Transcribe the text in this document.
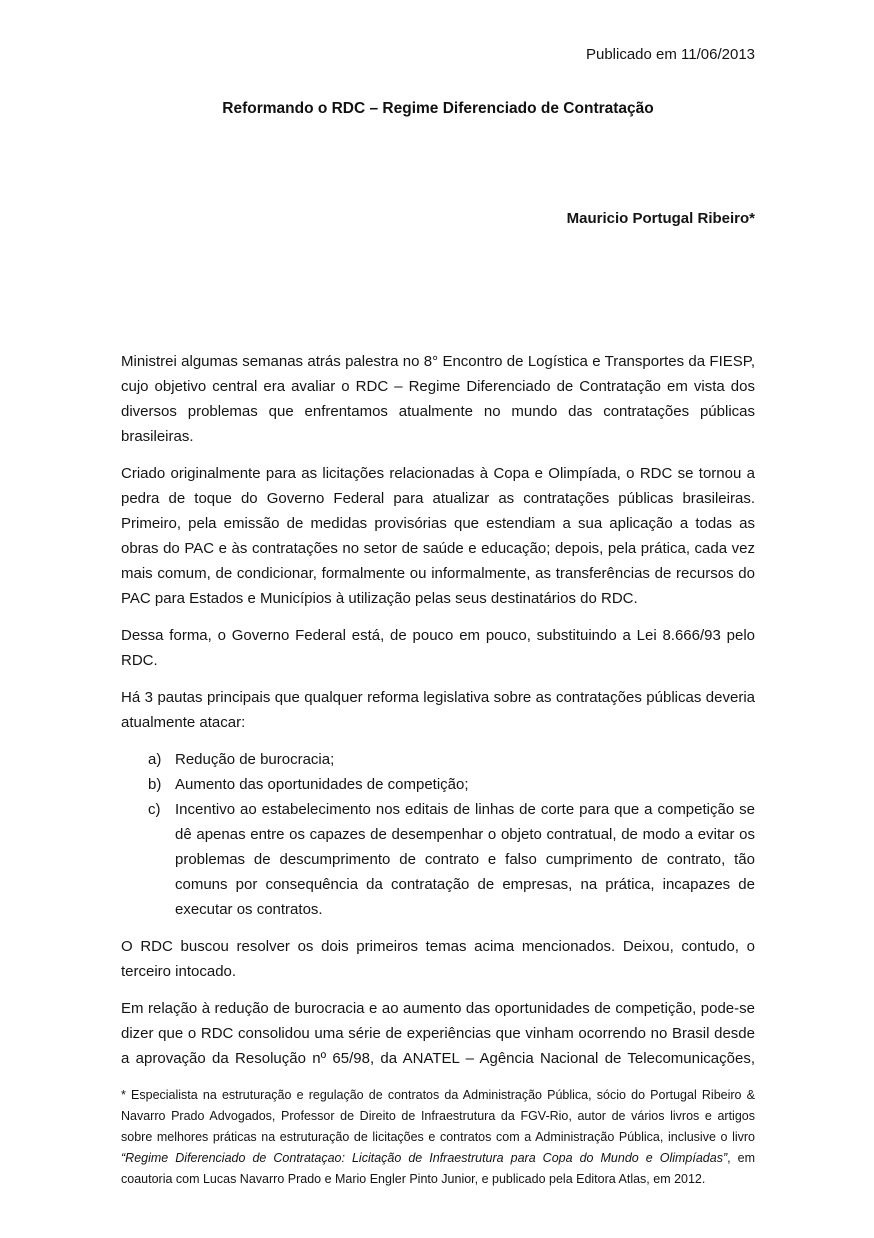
Publicado em 11/06/2013
Reformando o RDC – Regime Diferenciado de Contratação
Mauricio Portugal Ribeiro*

Ministrei algumas semanas atrás palestra no 8° Encontro de Logística e Transportes da FIESP, cujo objetivo central era avaliar o RDC – Regime Diferenciado de Contratação em vista dos diversos problemas que enfrentamos atualmente no mundo das contratações públicas brasileiras.

Criado originalmente para as licitações relacionadas à Copa e Olimpíada, o RDC se tornou a pedra de toque do Governo Federal para atualizar as contratações públicas brasileiras. Primeiro, pela emissão de medidas provisórias que estendiam a sua aplicação a todas as obras do PAC e às contratações no setor de saúde e educação; depois, pela prática, cada vez mais comum, de condicionar, formalmente ou informalmente, as transferências de recursos do PAC para Estados e Municípios à utilização pelas seus destinatários do RDC.

Dessa forma, o Governo Federal está, de pouco em pouco, substituindo a Lei 8.666/93 pelo RDC.

Há 3 pautas principais que qualquer reforma legislativa sobre as contratações públicas deveria atualmente atacar:

a) Redução de burocracia;
b) Aumento das oportunidades de competição;
c) Incentivo ao estabelecimento nos editais de linhas de corte para que a competição se dê apenas entre os capazes de desempenhar o objeto contratual, de modo a evitar os problemas de descumprimento de contrato e falso cumprimento de contrato, tão comuns por consequência da contratação de empresas, na prática, incapazes de executar os contratos.

O RDC buscou resolver os dois primeiros temas acima mencionados. Deixou, contudo, o terceiro intocado.

Em relação à redução de burocracia e ao aumento das oportunidades de competição, pode-se dizer que o RDC consolidou uma série de experiências que vinham ocorrendo no Brasil desde a aprovação da Resolução nº 65/98, da ANATEL – Agência Nacional de Telecomunicações,

* Especialista na estruturação e regulação de contratos da Administração Pública, sócio do Portugal Ribeiro & Navarro Prado Advogados, Professor de Direito de Infraestrutura da FGV-Rio, autor de vários livros e artigos sobre melhores práticas na estruturação de licitações e contratos com a Administração Pública, inclusive o livro “Regime Diferenciado de Contrataçao: Licitação de Infraestrutura para Copa do Mundo e Olimpíadas”, em coautoria com Lucas Navarro Prado e Mario Engler Pinto Junior, e publicado pela Editora Atlas, em 2012.
